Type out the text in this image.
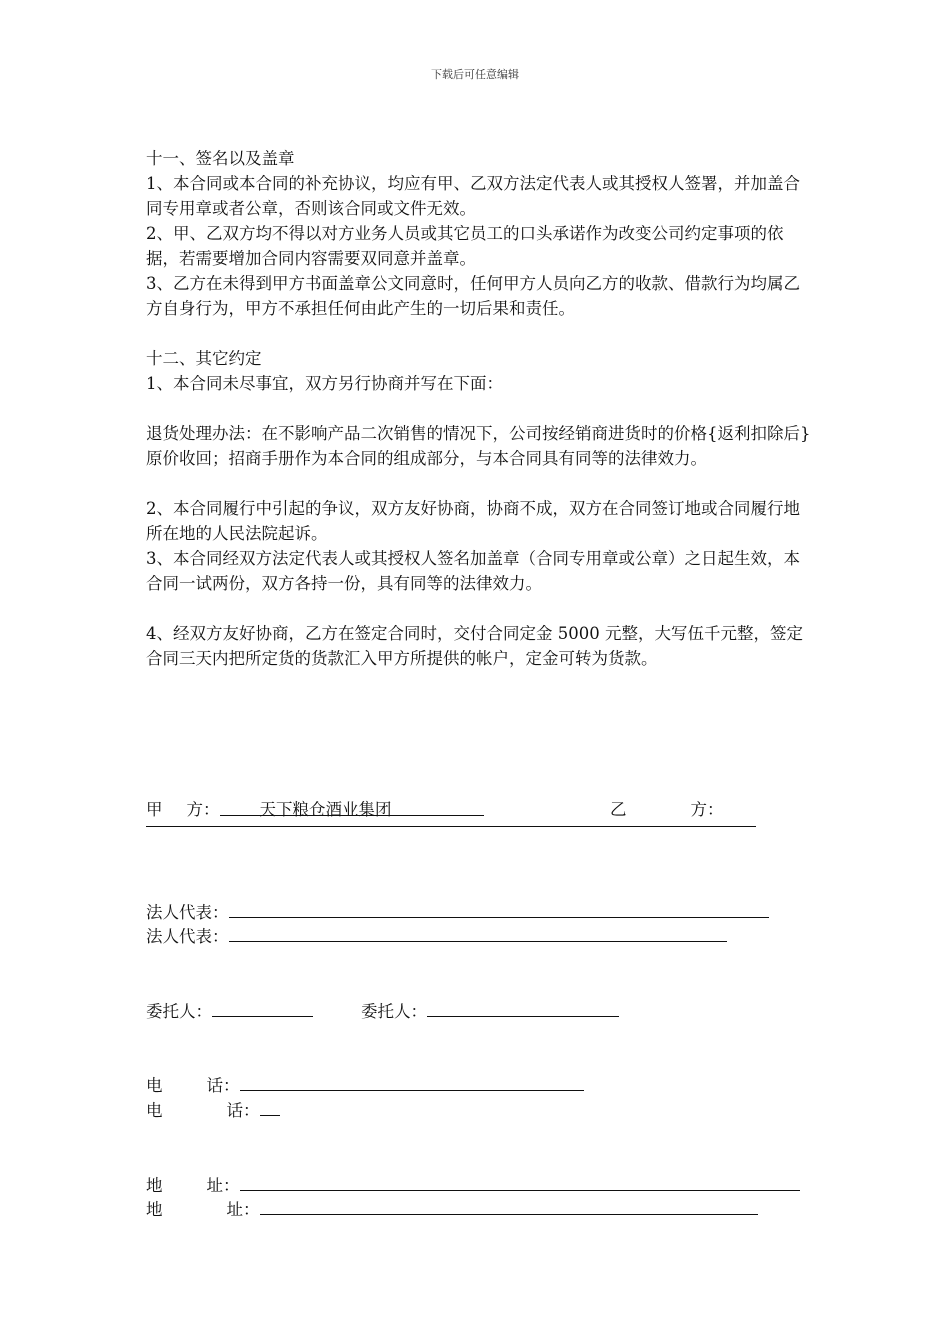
下载后可任意编辑

十一、签名以及盖章

1、本合同或本合同的补充协议，均应有甲、乙双方法定代表人或其授权人签署，并加盖合同专用章或者公章，否则该合同或文件无效。

2、甲、乙双方均不得以对方业务人员或其它员工的口头承诺作为改变公司约定事项的依据，若需要增加合同内容需要双同意并盖章。

3、乙方在未得到甲方书面盖章公文同意时，任何甲方人员向乙方的收款、借款行为均属乙方自身行为，甲方不承担任何由此产生的一切后果和责任。

十二、其它约定

1、本合同未尽事宜，双方另行协商并写在下面：

退货处理办法：在不影响产品二次销售的情况下，公司按经销商进货时的价格{返利扣除后}原价收回；招商手册作为本合同的组成部分，与本合同具有同等的法律效力。

2、本合同履行中引起的争议，双方友好协商，协商不成，双方在合同签订地或合同履行地所在地的人民法院起诉。

3、本合同经双方法定代表人或其授权人签名加盖章（合同专用章或公章）之日起生效，本合同一试两份，双方各持一份，具有同等的法律效力。

4、经双方友好协商，乙方在签定合同时，交付合同定金 5000 元整，大写伍千元整，签定合同三天内把所定货的货款汇入甲方所提供的帐户，定金可转为货款。

甲 方： 天下粮仓酒业集团	乙	方：
法人代表：
法人代表：
委托人：	委托人：
电	话：
电	话：
地	址：
地	址：
